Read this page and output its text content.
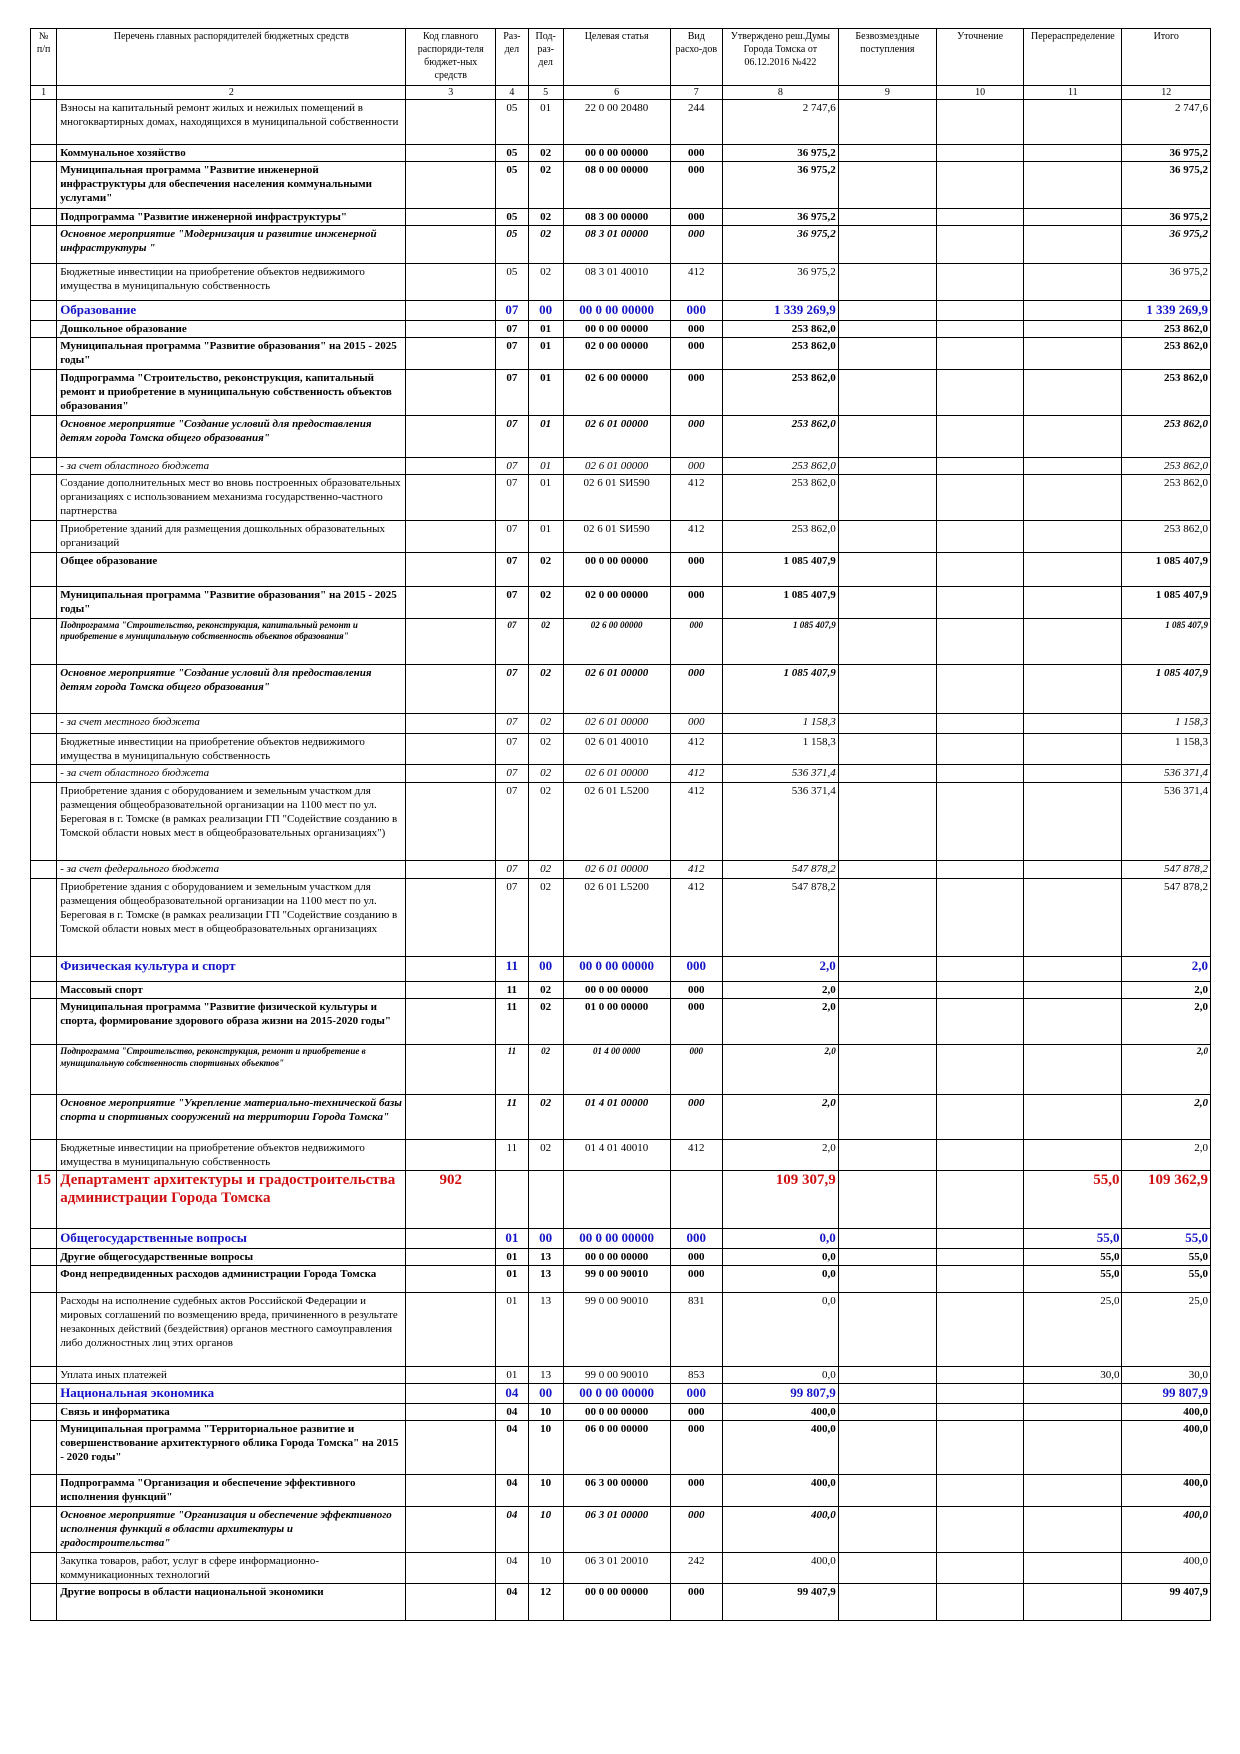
№ п/п	Перечень главных распорядителей бюджетных средств	Код главного распоряди-теля бюджет-ных средств	Раз-дел	Под-раз-дел	Целевая статья	Вид расхо-дов	Утверждено реш.Думы Города Томска от 06.12.2016 №422	Безвозмездные поступления	Уточнение	Перераспределение	Итого
1	2	3	4	5	6	7	8	9	10	11	12
	Взносы на капитальный ремонт жилых и нежилых помещений в многоквартирных домах, находящихся в муниципальной собственности		05	01	22 0 00 20480	244	2 747,6				2 747,6
	Коммунальное хозяйство		05	02	00 0 00 00000	000	36 975,2				36 975,2
	Муниципальная программа "Развитие инженерной инфраструктуры для обеспечения населения коммунальными услугами"		05	02	08 0 00 00000	000	36 975,2				36 975,2
	Подпрограмма "Развитие инженерной инфраструктуры"		05	02	08 3 00 00000	000	36 975,2				36 975,2
	Основное мероприятие "Модернизация и развитие инженерной инфраструктуры "		05	02	08 3 01 00000	000	36 975,2				36 975,2
	Бюджетные инвестиции на приобретение объектов недвижимого имущества в муниципальную собственность		05	02	08 3 01 40010	412	36 975,2				36 975,2
	Образование		07	00	00 0 00 00000	000	1 339 269,9				1 339 269,9
	Дошкольное образование		07	01	00 0 00 00000	000	253 862,0				253 862,0
	Муниципальная программа "Развитие образования" на 2015 - 2025 годы"		07	01	02 0 00 00000	000	253 862,0				253 862,0
	Подпрограмма "Строительство, реконструкция, капитальный ремонт и приобретение в муниципальную собственность объектов образования"		07	01	02 6 00 00000	000	253 862,0				253 862,0
	Основное мероприятие "Создание условий для предоставления детям города Томска общего образования"		07	01	02 6 01 00000	000	253 862,0				253 862,0
	- за счет областного бюджета		07	01	02 6 01 00000	000	253 862,0				253 862,0
	Создание дополнительных мест во вновь построенных образовательных организациях с использованием механизма государственно-частного партнерства		07	01	02 6 01 SИ590	412	253 862,0				253 862,0
	Приобретение зданий для размещения дошкольных образовательных организаций		07	01	02 6 01 SИ590	412	253 862,0				253 862,0
	Общее образование		07	02	00 0 00 00000	000	1 085 407,9				1 085 407,9
	Муниципальная программа "Развитие образования" на 2015 - 2025 годы"		07	02	02 0 00 00000	000	1 085 407,9				1 085 407,9
	Подпрограмма "Строительство, реконструкция, капитальный ремонт и приобретение в муниципальную собственность объектов образования"		07	02	02 6 00 00000	000	1 085 407,9				1 085 407,9
	Основное мероприятие "Создание условий для предоставления детям города Томска общего образования"		07	02	02 6 01 00000	000	1 085 407,9				1 085 407,9
	- за счет местного бюджета		07	02	02 6 01 00000	000	1 158,3				1 158,3
	Бюджетные инвестиции на приобретение объектов недвижимого имущества в муниципальную собственность		07	02	02 6 01 40010	412	1 158,3				1 158,3
	- за счет областного бюджета		07	02	02 6 01 00000	412	536 371,4				536 371,4
	Приобретение здания с оборудованием и земельным участком для размещения общеобразовательной организации на 1100 мест по ул. Береговая в г. Томске (в рамках реализации ГП "Содействие созданию в Томской области новых мест в общеобразовательных организациях")		07	02	02 6 01 L5200	412	536 371,4				536 371,4
	- за счет федерального бюджета		07	02	02 6 01 00000	412	547 878,2				547 878,2
	Приобретение здания с оборудованием и земельным участком для размещения общеобразовательной организации на 1100 мест по ул. Береговая в г. Томске (в рамках реализации ГП "Содействие созданию в Томской области новых мест в общеобразовательных организациях		07	02	02 6 01 L5200	412	547 878,2				547 878,2
	Физическая культура и спорт		11	00	00 0 00 00000	000	2,0				2,0
	Массовый спорт		11	02	00 0 00 00000	000	2,0				2,0
	Муниципальная программа "Развитие физической культуры и спорта, формирование здорового образа жизни на 2015-2020 годы"		11	02	01 0 00 00000	000	2,0				2,0
	Подпрограмма "Строительство, реконструкция, ремонт и приобретение в муниципальную собственность спортивных объектов"		11	02	01 4 00 0000	000	2,0				2,0
	Основное мероприятие "Укрепление материально-технической базы спорта и спортивных сооружений на территории Города Томска"		11	02	01 4 01 00000	000	2,0				2,0
	Бюджетные инвестиции на приобретение объектов недвижимого имущества в муниципальную собственность		11	02	01 4 01 40010	412	2,0				2,0
15	Департамент архитектуры и градостроительства администрации Города Томска	902					109 307,9			55,0	109 362,9
	Общегосударственные вопросы		01	00	00 0 00 00000	000	0,0			55,0	55,0
	Другие общегосударственные вопросы		01	13	00 0 00 00000	000	0,0			55,0	55,0
	Фонд непредвиденных расходов администрации Города Томска		01	13	99 0 00 90010	000	0,0			55,0	55,0
	Расходы на исполнение судебных актов Российской Федерации и мировых соглашений по возмещению вреда, причиненного в результате незаконных действий (бездействия) органов местного самоуправления либо должностных лиц этих органов		01	13	99 0 00 90010	831	0,0			25,0	25,0
	Уплата иных платежей		01	13	99 0 00 90010	853	0,0			30,0	30,0
	Национальная экономика		04	00	00 0 00 00000	000	99 807,9				99 807,9
	Связь и информатика		04	10	00 0 00 00000	000	400,0				400,0
	Муниципальная программа "Территориальное развитие и совершенствование архитектурного облика Города Томска" на 2015 - 2020 годы"		04	10	06 0 00 00000	000	400,0				400,0
	Подпрограмма "Организация и обеспечение эффективного исполнения функций"		04	10	06 3 00 00000	000	400,0				400,0
	Основное мероприятие "Организация и обеспечение эффективного исполнения функций в области архитектуры и градостроительства"		04	10	06 3 01 00000	000	400,0				400,0
	Закупка товаров, работ, услуг в сфере информационно-коммуникационных технологий		04	10	06 3 01 20010	242	400,0				400,0
	Другие вопросы в области национальной экономики		04	12	00 0 00 00000	000	99 407,9				99 407,9
